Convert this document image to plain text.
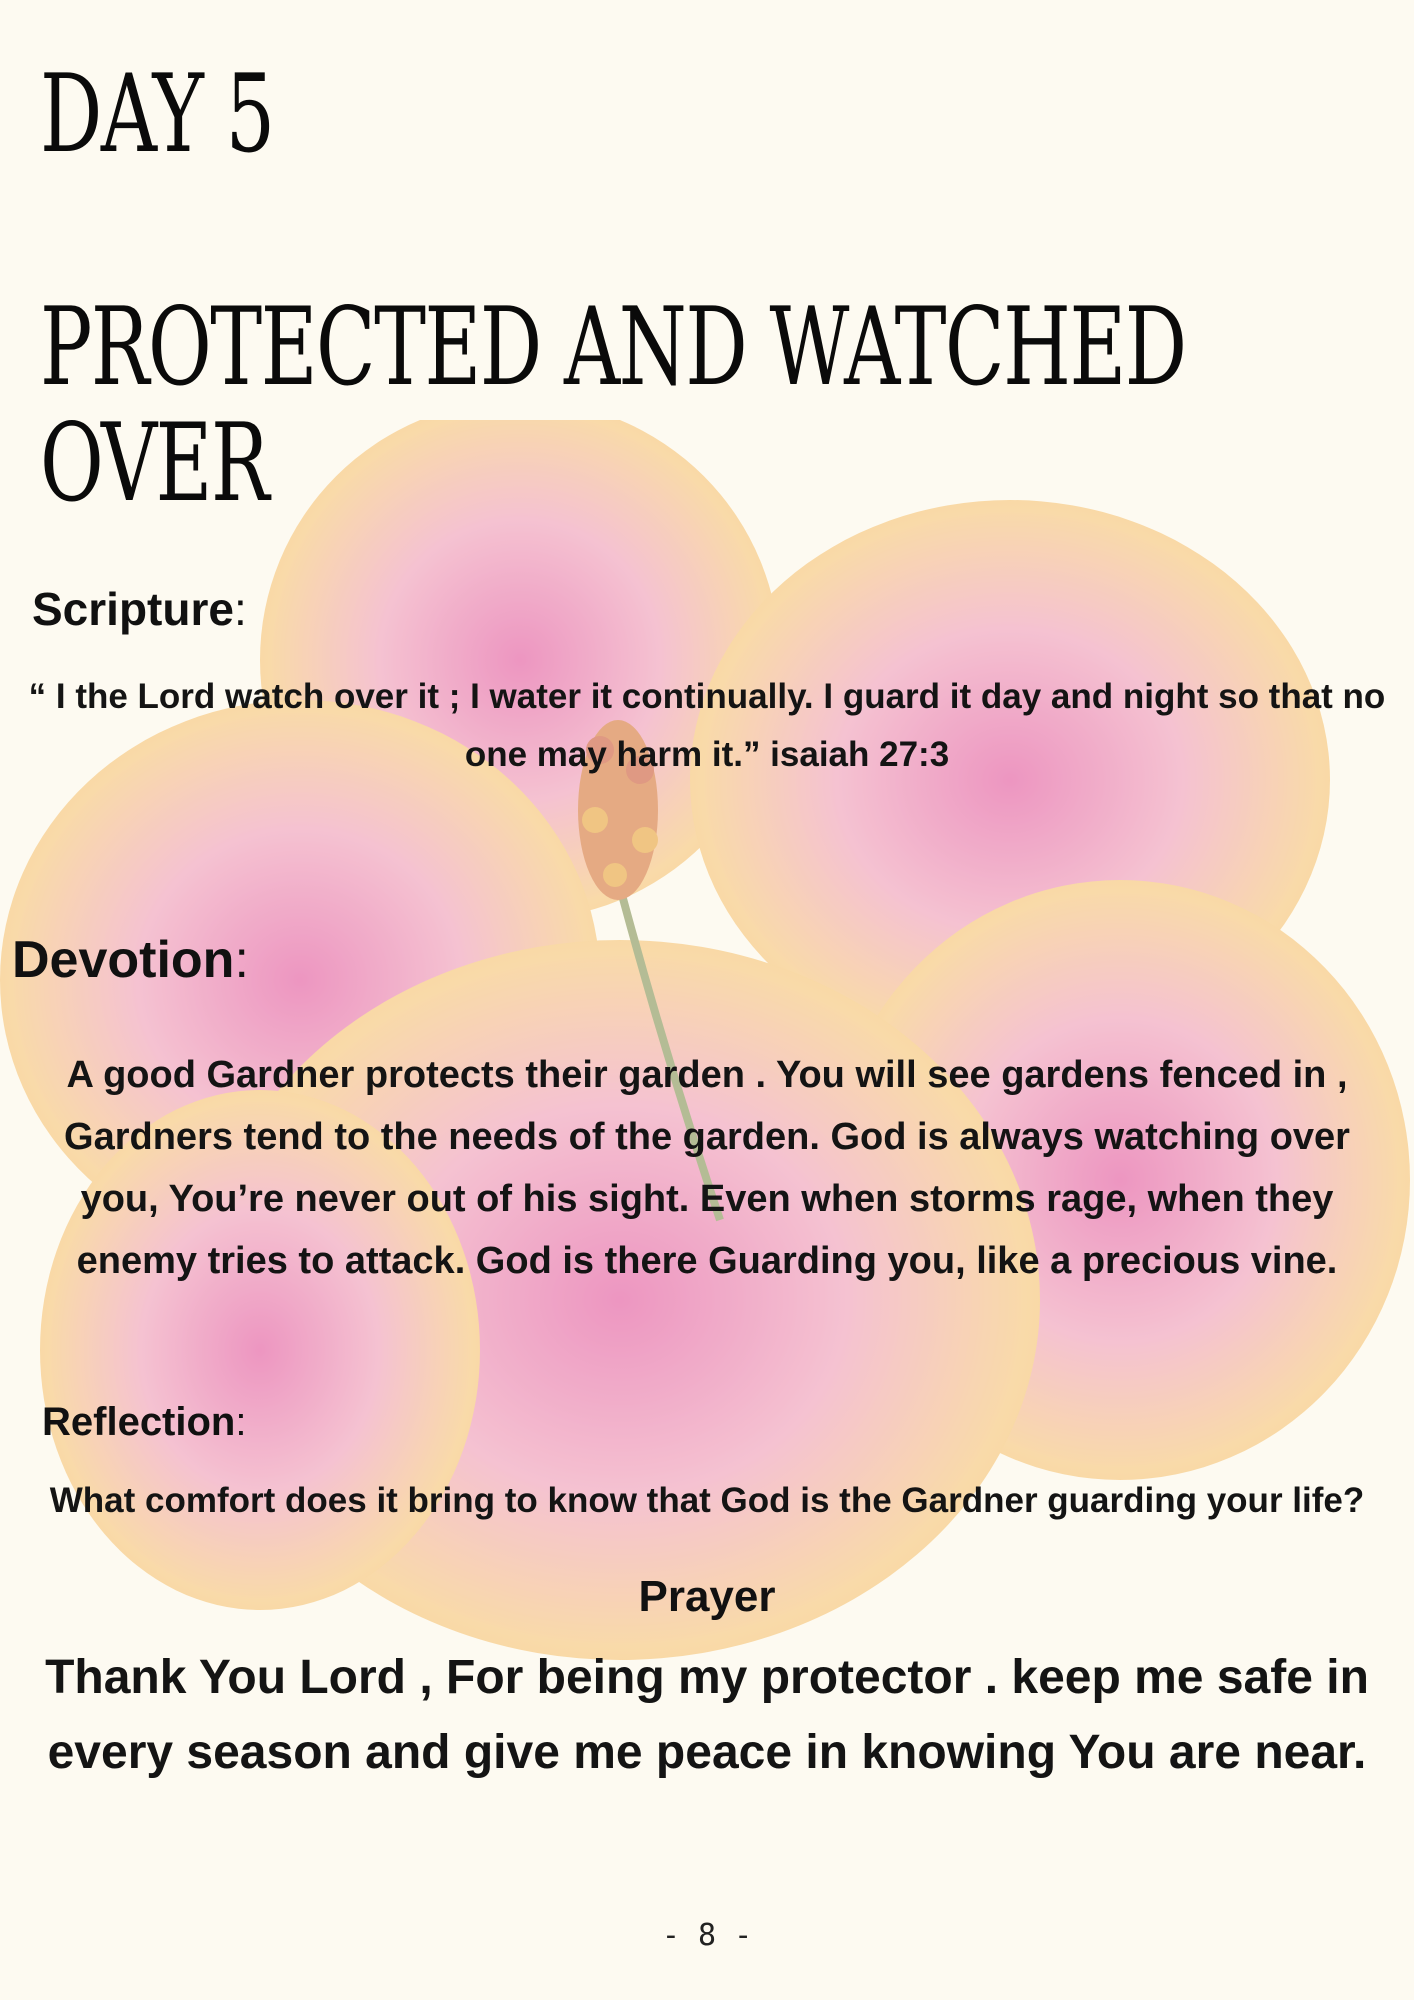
DAY 5
PROTECTED AND WATCHED OVER
Scripture:

“ I the Lord watch over it ; I water it continually. I guard it day and night so that no one may harm it.” isaiah 27:3

Devotion:

A good Gardner protects their garden . You will see gardens fenced in , Gardners tend to the needs of the garden. God is always watching over you, You’re never out of his sight. Even when storms rage, when they enemy tries to attack. God is there Guarding you, like a precious vine.

Reflection:

What comfort does it bring to know that God is the Gardner guarding your life?

Prayer

Thank You Lord , For being my protector . keep me safe in every season and give me peace in knowing You are near.

- 8 -
